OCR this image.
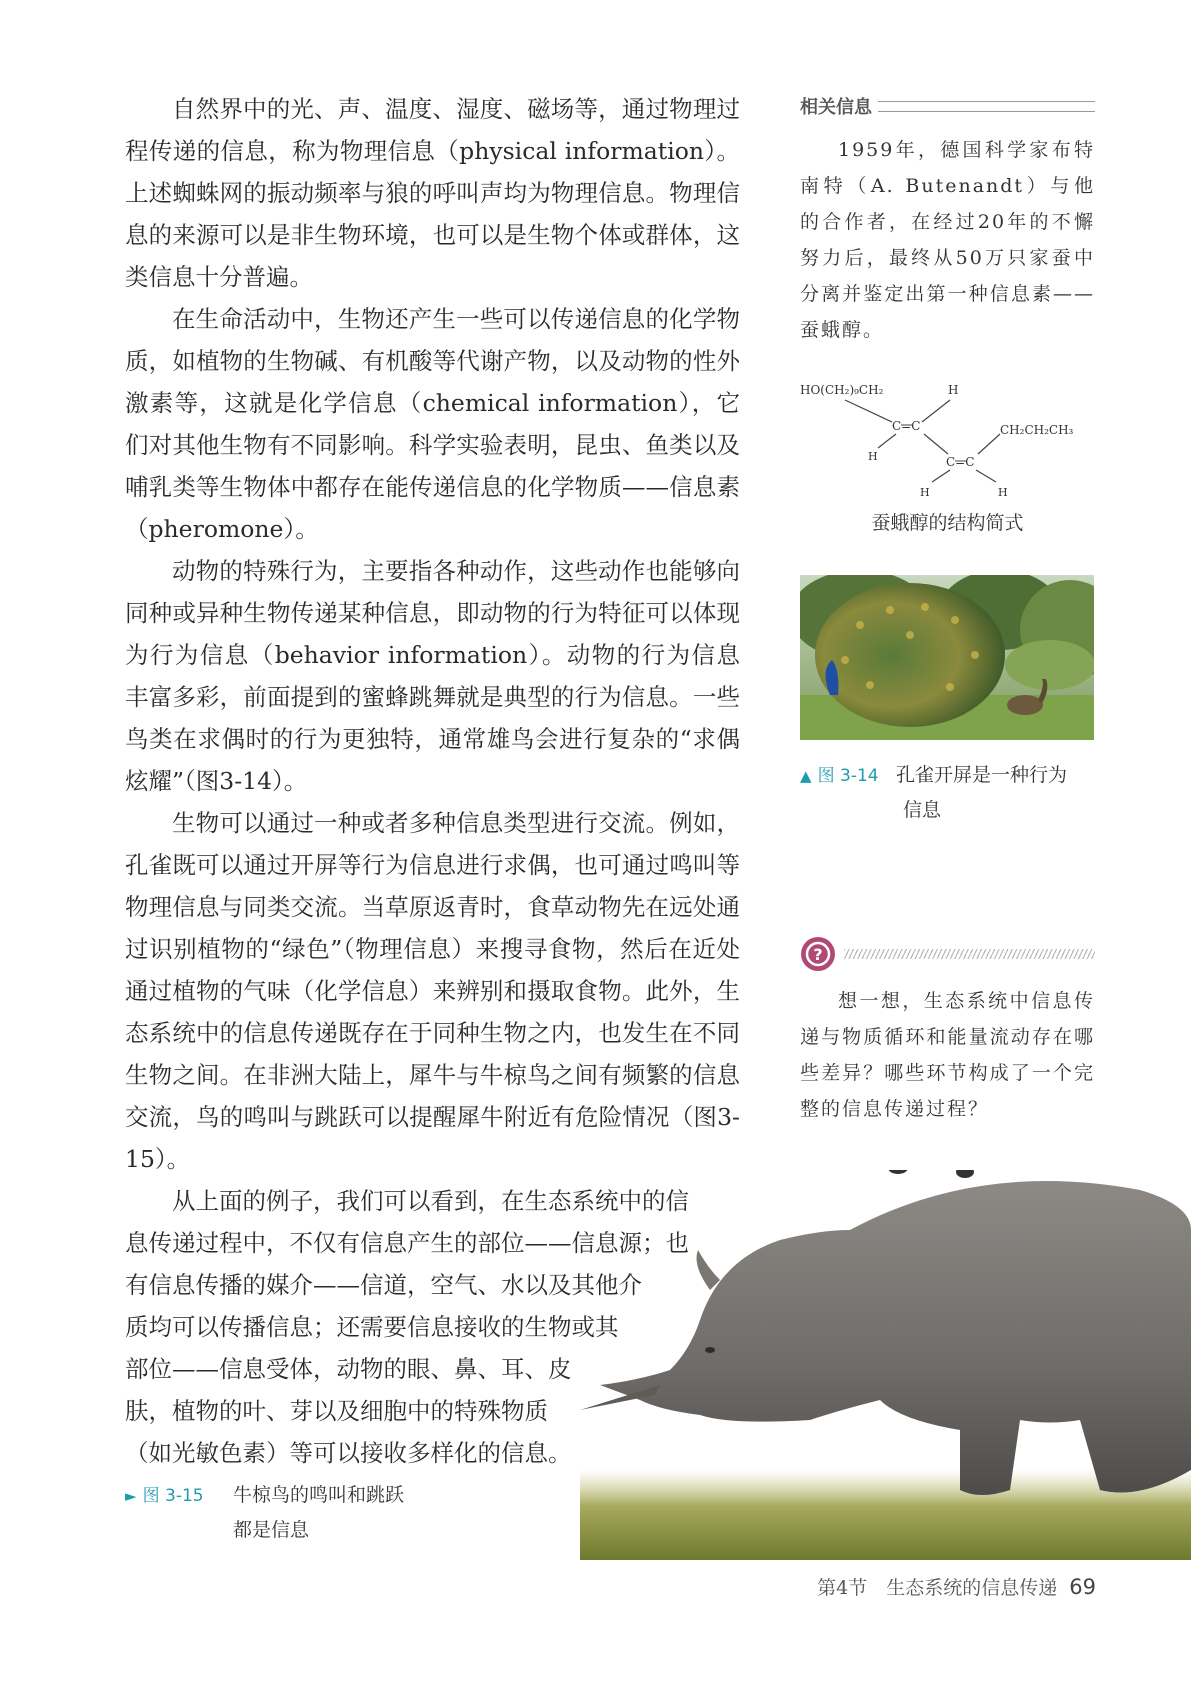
自然界中的光、声、温度、湿度、磁场等，通过物理过程传递的信息，称为物理信息（physical information）。上述蜘蛛网的振动频率与狼的呼叫声均为物理信息。物理信息的来源可以是非生物环境，也可以是生物个体或群体，这类信息十分普遍。

在生命活动中，生物还产生一些可以传递信息的化学物质，如植物的生物碱、有机酸等代谢产物，以及动物的性外激素等，这就是化学信息（chemical information），它们对其他生物有不同影响。科学实验表明，昆虫、鱼类以及哺乳类等生物体中都存在能传递信息的化学物质——信息素（pheromone）。

动物的特殊行为，主要指各种动作，这些动作也能够向同种或异种生物传递某种信息，即动物的行为特征可以体现为行为信息（behavior information）。动物的行为信息丰富多彩，前面提到的蜜蜂跳舞就是典型的行为信息。一些鸟类在求偶时的行为更独特，通常雄鸟会进行复杂的“求偶炫耀”（图3-14）。

生物可以通过一种或者多种信息类型进行交流。例如，孔雀既可以通过开屏等行为信息进行求偶，也可通过鸣叫等物理信息与同类交流。当草原返青时，食草动物先在远处通过识别植物的“绿色”（物理信息）来搜寻食物，然后在近处通过植物的气味（化学信息）来辨别和摄取食物。此外，生态系统中的信息传递既存在于同种生物之内，也发生在不同生物之间。在非洲大陆上，犀牛与牛椋鸟之间有频繁的信息交流，鸟的鸣叫与跳跃可以提醒犀牛附近有危险情况（图3-15）。

从上面的例子，我们可以看到，在生态系统中的信
息传递过程中，不仅有信息产生的部位——信息源；也
有信息传播的媒介——信道，空气、水以及其他介
质均可以传播信息；还需要信息接收的生物或其
部位——信息受体，动物的眼、鼻、耳、皮
肤，植物的叶、芽以及细胞中的特殊物质
（如光敏色素）等可以接收多样化的信息。

相关信息
1959年，德国科学家布特南特（A. Butenandt）与他的合作者，在经过20年的不懈努力后，最终从50万只家蚕中分离并鉴定出第一种信息素——蚕蛾醇。
HO(CH₂)₉CH₂	H
C=C
H	C=C
CH₂CH₂CH₃
H	H
蚕蛾醇的结构简式
▲ 图 3-14 孔雀开屏是一种行为
信息
?
想一想，生态系统中信息传递与物质循环和能量流动存在哪些差异？哪些环节构成了一个完整的信息传递过程？
► 图 3-15	牛椋鸟的鸣叫和跳跃
都是信息
第4节　生态系统的信息传递 69
